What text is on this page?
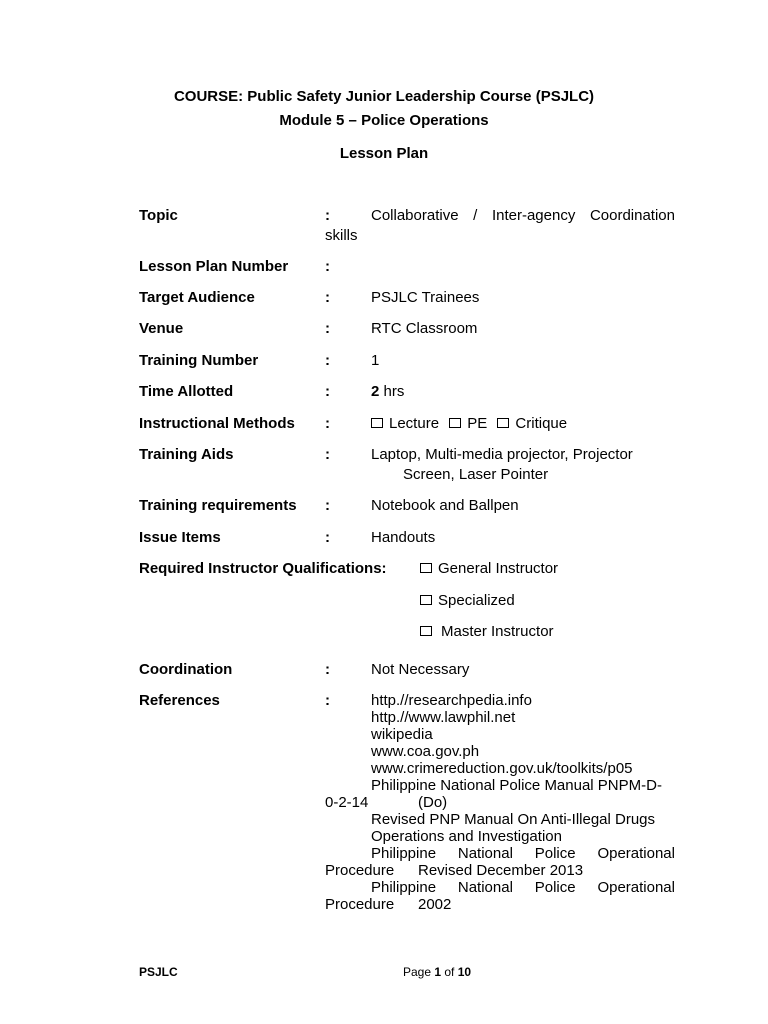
COURSE: Public Safety Junior Leadership Course (PSJLC)
Module 5 – Police Operations
Lesson Plan
Topic	:	Collaborative / Inter-agency Coordination
skills
Lesson Plan Number :
Target Audience	:	PSJLC Trainees
Venue	:	RTC Classroom
Training Number	:	1
Time Allotted	:	2 hrs
Instructional Methods :	Lecture PE Critique
Training Aids	:	Laptop, Multi-media projector, Projector
Screen, Laser Pointer
Training requirements :	Notebook and Ballpen
Issue Items	:	Handouts
Required Instructor Qualifications:	General Instructor
Specialized
Master Instructor
Coordination	:	Not Necessary
References	:	http.//researchpedia.info
http.//www.lawphil.net
wikipedia
www.coa.gov.ph
www.crimereduction.gov.uk/toolkits/p05
Philippine National Police Manual PNPM-D-
0-2-14	(Do)
Revised PNP Manual On Anti-Illegal Drugs
Operations and Investigation
Philippine National Police Operational
Procedure Revised December 2013
Philippine National Police Operational
Procedure 2002
PSJLC	Page 1 of 10
